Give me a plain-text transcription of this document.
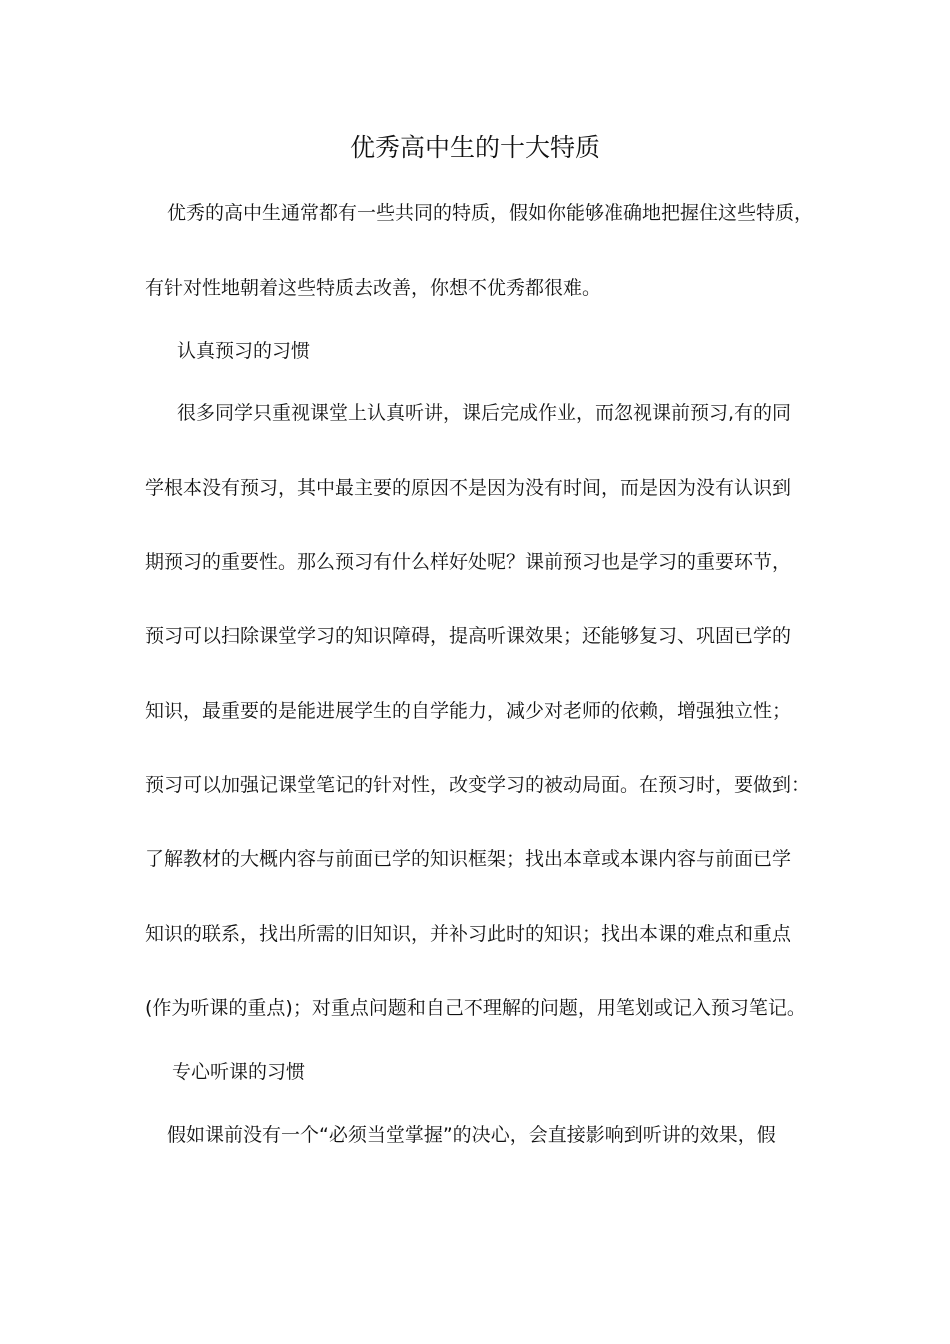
优秀高中生的十大特质
优秀的高中生通常都有一些共同的特质，假如你能够准确地把握住这些特质，
有针对性地朝着这些特质去改善，你想不优秀都很难。
认真预习的习惯
很多同学只重视课堂上认真听讲，课后完成作业，而忽视课前预习,有的同
学根本没有预习，其中最主要的原因不是因为没有时间，而是因为没有认识到
期预习的重要性。那么预习有什么样好处呢？课前预习也是学习的重要环节，
预习可以扫除课堂学习的知识障碍，提高听课效果；还能够复习、巩固已学的
知识，最重要的是能进展学生的自学能力，减少对老师的依赖，增强独立性；
预习可以加强记课堂笔记的针对性，改变学习的被动局面。在预习时，要做到：
了解教材的大概内容与前面已学的知识框架；找出本章或本课内容与前面已学
知识的联系，找出所需的旧知识，并补习此时的知识；找出本课的难点和重点
(作为听课的重点)；对重点问题和自己不理解的问题，用笔划或记入预习笔记。
专心听课的习惯
假如课前没有一个“必须当堂掌握”的决心，会直接影响到听讲的效果，假
